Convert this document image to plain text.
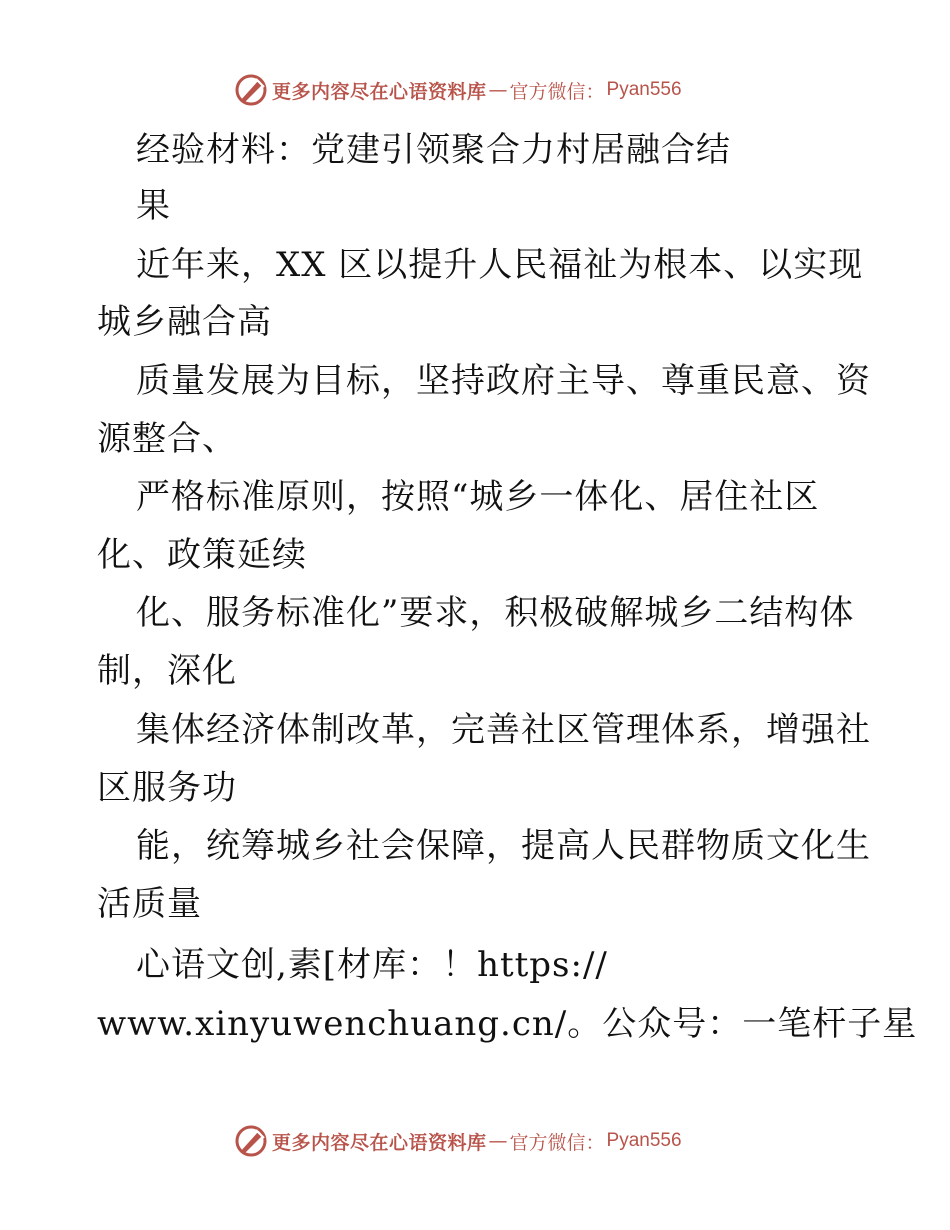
更多内容尽在心语资料库 — 官方微信： Pyan556
经验材料：党建引领聚合力村居融合结
果
近年来，XX 区以提升人民福祉为根本、以实现
城乡融合高
质量发展为目标，坚持政府主导、尊重民意、资
源整合、
严格标准原则，按照“城乡一体化、居住社区
化、政策延续
化、服务标准化”要求，积极破解城乡二结构体
制，深化
集体经济体制改革，完善社区管理体系，增强社
区服务功
能，统筹城乡社会保障，提高人民群物质文化生
活质量
心语文创,素[材库：！https://
www.xinyuwenchuang.cn/。公众号：一笔杆子星
更多内容尽在心语资料库 — 官方微信： Pyan556
